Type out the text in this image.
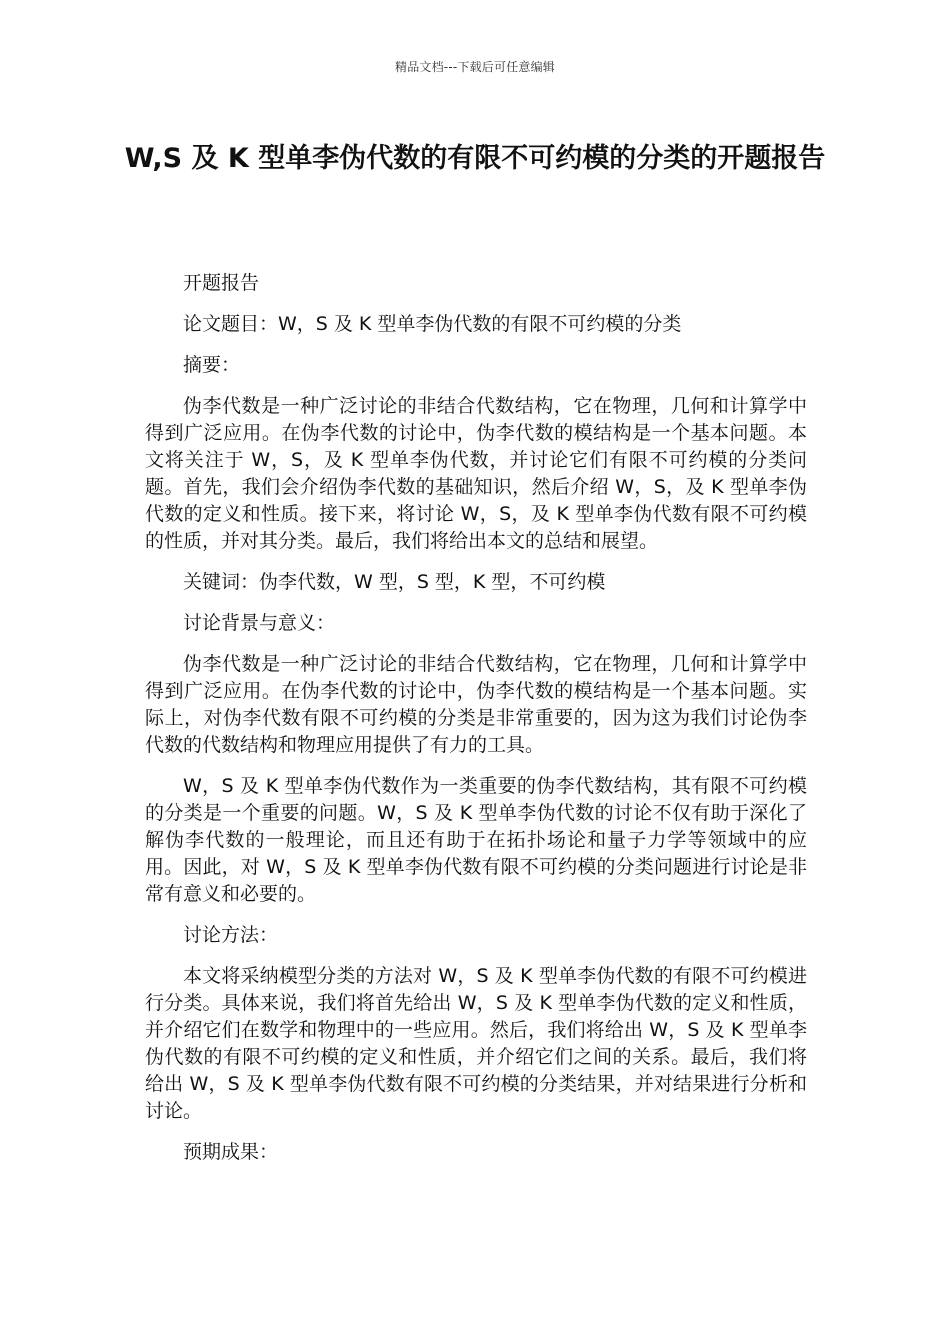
精品文档---下载后可任意编辑
W,S 及 K 型单李伪代数的有限不可约模的分类的开题报告

开题报告

论文题目：W，S 及 K 型单李伪代数的有限不可约模的分类

摘要：

伪李代数是一种广泛讨论的非结合代数结构，它在物理，几何和计算学中得到广泛应用。在伪李代数的讨论中，伪李代数的模结构是一个基本问题。本文将关注于 W，S，及 K 型单李伪代数，并讨论它们有限不可约模的分类问题。首先，我们会介绍伪李代数的基础知识，然后介绍 W，S，及 K 型单李伪代数的定义和性质。接下来，将讨论 W，S，及 K 型单李伪代数有限不可约模的性质，并对其分类。最后，我们将给出本文的总结和展望。

关键词：伪李代数，W 型，S 型，K 型，不可约模

讨论背景与意义：

伪李代数是一种广泛讨论的非结合代数结构，它在物理，几何和计算学中得到广泛应用。在伪李代数的讨论中，伪李代数的模结构是一个基本问题。实际上，对伪李代数有限不可约模的分类是非常重要的，因为这为我们讨论伪李代数的代数结构和物理应用提供了有力的工具。

W，S 及 K 型单李伪代数作为一类重要的伪李代数结构，其有限不可约模的分类是一个重要的问题。W，S 及 K 型单李伪代数的讨论不仅有助于深化了解伪李代数的一般理论，而且还有助于在拓扑场论和量子力学等领域中的应用。因此，对 W，S 及 K 型单李伪代数有限不可约模的分类问题进行讨论是非常有意义和必要的。

讨论方法：

本文将采纳模型分类的方法对 W，S 及 K 型单李伪代数的有限不可约模进行分类。具体来说，我们将首先给出 W，S 及 K 型单李伪代数的定义和性质，并介绍它们在数学和物理中的一些应用。然后，我们将给出 W，S 及 K 型单李伪代数的有限不可约模的定义和性质，并介绍它们之间的关系。最后，我们将给出 W，S 及 K 型单李伪代数有限不可约模的分类结果，并对结果进行分析和讨论。

预期成果：
